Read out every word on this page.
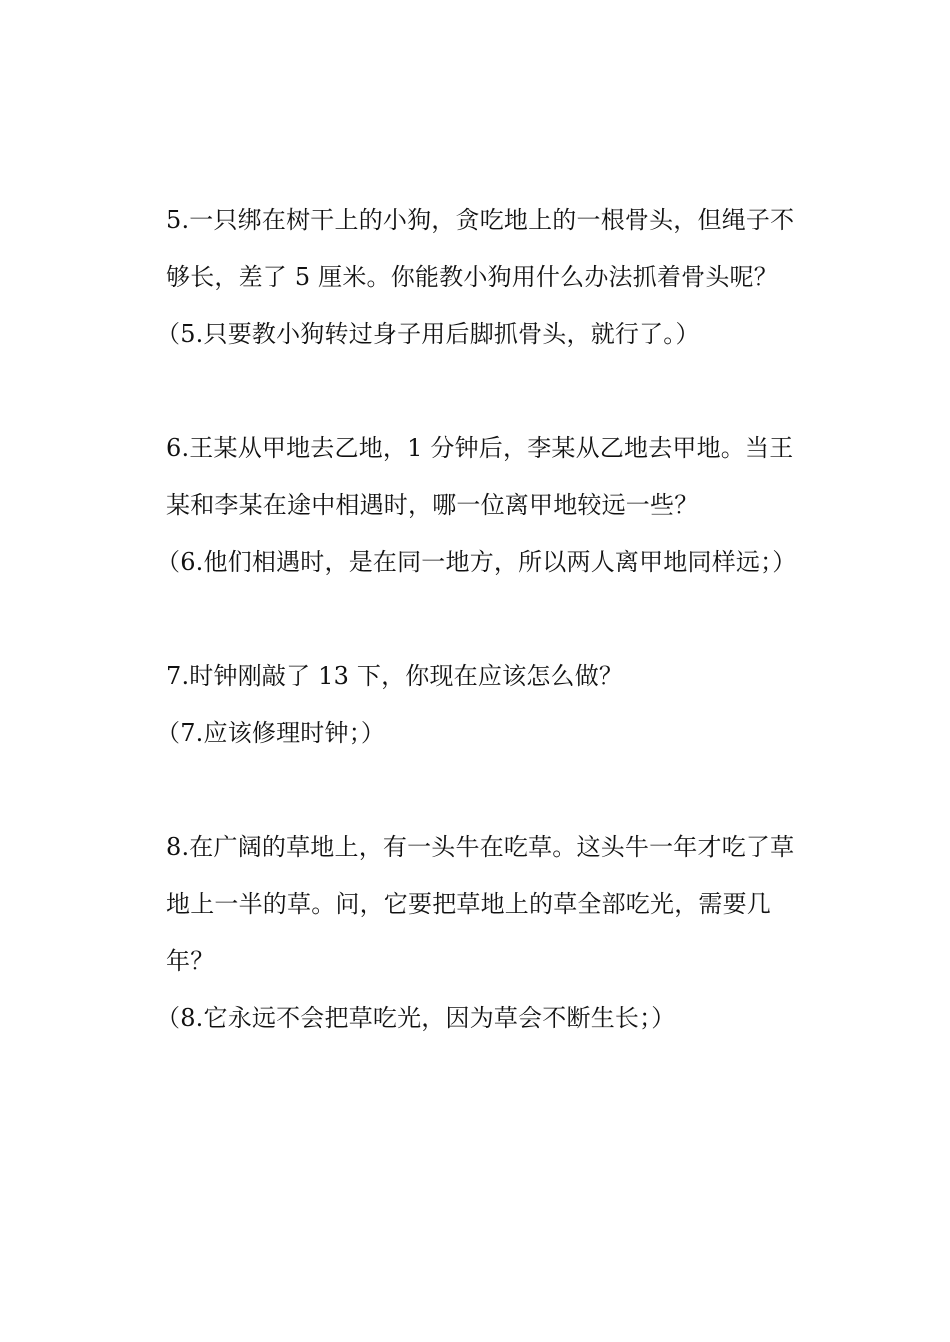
5.一只绑在树干上的小狗，贪吃地上的一根骨头，但绳子不够长，差了 5 厘米。你能教小狗用什么办法抓着骨头呢？

（5.只要教小狗转过身子用后脚抓骨头，就行了。）

6.王某从甲地去乙地，1 分钟后，李某从乙地去甲地。当王某和李某在途中相遇时，哪一位离甲地较远一些？

（6.他们相遇时，是在同一地方，所以两人离甲地同样远；）

7.时钟刚敲了 13 下，你现在应该怎么做？

（7.应该修理时钟；）

8.在广阔的草地上，有一头牛在吃草。这头牛一年才吃了草地上一半的草。问，它要把草地上的草全部吃光，需要几年？

（8.它永远不会把草吃光，因为草会不断生长；）
